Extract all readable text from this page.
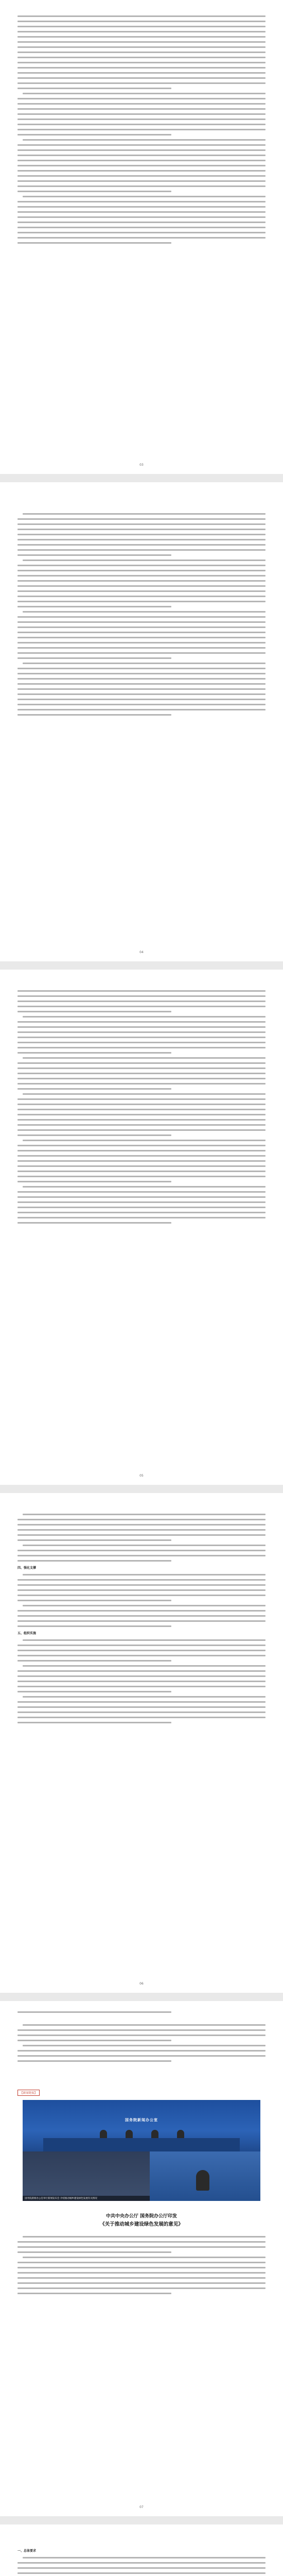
03
04
05
四、强化支撑
五、组织实施
06

【新闻链接】
国务院新闻办公室
国务院新闻办公室举行新闻发布会 介绍推动城乡建设绿色发展有关情况
中共中央办公厅 国务院办公厅印发
《关于推动城乡建设绿色发展的意见》
07
一、总体要求
